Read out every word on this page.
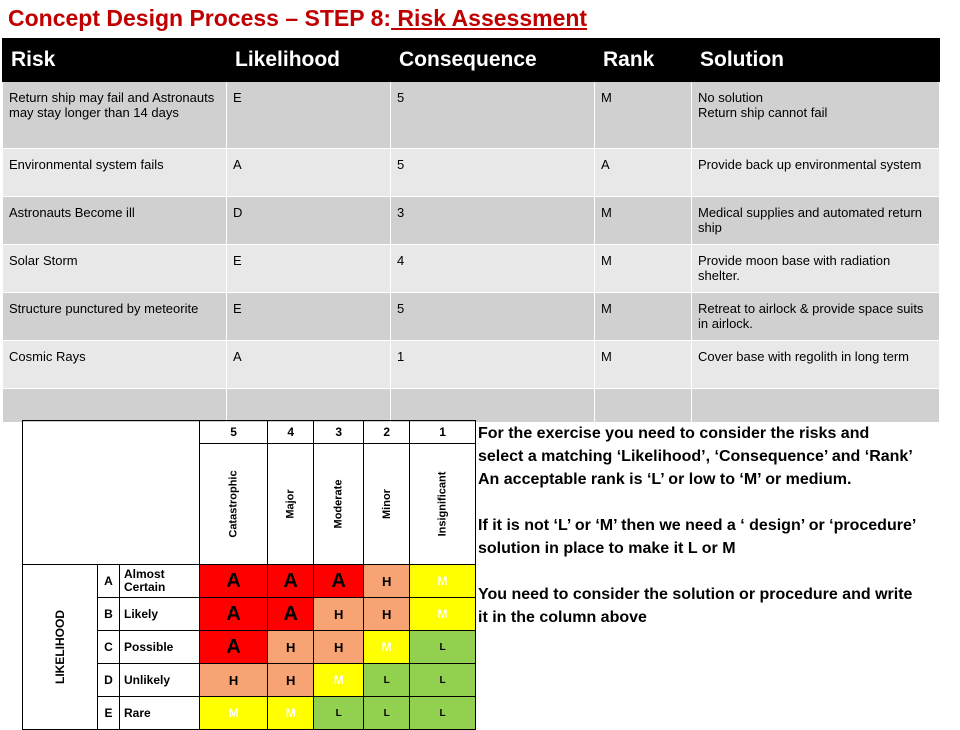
Concept Design Process – STEP 8: Risk Assessment
Risk	Likelihood	Consequence	Rank	Solution
Return ship may fail and Astronauts may stay longer than 14 days	E	5	M	No solution
Return ship cannot fail
Environmental system fails	A	5	A	Provide back up environmental system
Astronauts Become ill	D	3	M	Medical supplies and automated return ship
Solar Storm	E	4	M	Provide moon base with radiation shelter.
Structure punctured by meteorite	E	5	M	Retreat to airlock & provide space suits in airlock.
Cosmic Rays	A	1	M	Cover base with regolith in long term

			5	4	3	2	1
			Catastrophic	Major	Moderate	Minor	Insignificant
LIKELIHOOD	A	Almost Certain	A	A	A	H	M
	B	Likely	A	A	H	H	M
	C	Possible	A	H	H	M	L
	D	Unlikely	H	H	M	L	L
	E	Rare	M	M	L	L	L

For the exercise you need to consider the risks and select a matching ‘Likelihood’, ‘Consequence’ and ‘Rank’

An acceptable rank is ‘L’ or low to ‘M’ or medium.

If it is not ‘L’ or ‘M’ then we need a ‘ design’ or ‘procedure’ solution in place to make it L or M

You need to consider the solution or procedure and write it in the column above
